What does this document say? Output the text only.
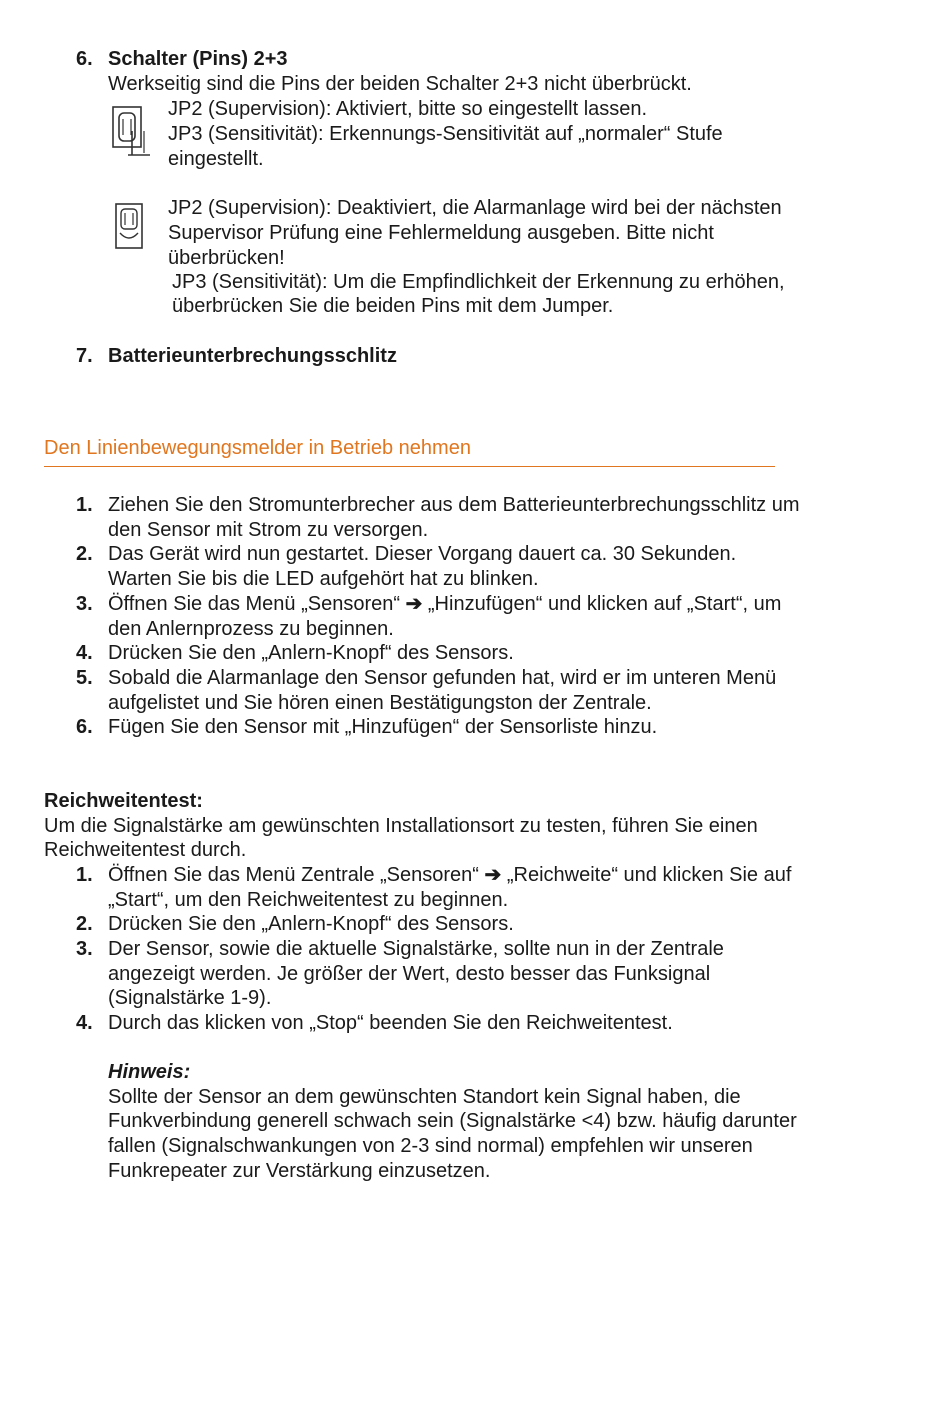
6. Schalter (Pins) 2+3
Werkseitig sind die Pins der beiden Schalter 2+3 nicht überbrückt.
JP2 (Supervision): Aktiviert, bitte so eingestellt lassen.
JP3 (Sensitivität): Erkennungs-Sensitivität auf „normaler“ Stufe
eingestellt.
JP2 (Supervision): Deaktiviert, die Alarmanlage wird bei der nächsten
Supervisor Prüfung eine Fehlermeldung ausgeben. Bitte nicht
überbrücken!
JP3 (Sensitivität): Um die Empfindlichkeit der Erkennung zu erhöhen,
überbrücken Sie die beiden Pins mit dem Jumper.
7. Batterieunterbrechungsschlitz
Den Linienbewegungsmelder in Betrieb nehmen
1. Ziehen Sie den Stromunterbrecher aus dem Batterieunterbrechungsschlitz um
den Sensor mit Strom zu versorgen.
2. Das Gerät wird nun gestartet. Dieser Vorgang dauert ca. 30 Sekunden.
Warten Sie bis die LED aufgehört hat zu blinken.
3. Öffnen Sie das Menü „Sensoren“ ➔ „Hinzufügen“ und klicken auf „Start“, um
den Anlernprozess zu beginnen.
4. Drücken Sie den „Anlern-Knopf“ des Sensors.
5. Sobald die Alarmanlage den Sensor gefunden hat, wird er im unteren Menü
aufgelistet und Sie hören einen Bestätigungston der Zentrale.
6. Fügen Sie den Sensor mit „Hinzufügen“ der Sensorliste hinzu.
Reichweitentest:
Um die Signalstärke am gewünschten Installationsort zu testen, führen Sie einen
Reichweitentest durch.
1. Öffnen Sie das Menü Zentrale „Sensoren“ ➔ „Reichweite“ und klicken Sie auf
„Start“, um den Reichweitentest zu beginnen.
2. Drücken Sie den „Anlern-Knopf“ des Sensors.
3. Der Sensor, sowie die aktuelle Signalstärke, sollte nun in der Zentrale
angezeigt werden. Je größer der Wert, desto besser das Funksignal
(Signalstärke 1-9).
4. Durch das klicken von „Stop“ beenden Sie den Reichweitentest.
Hinweis:
Sollte der Sensor an dem gewünschten Standort kein Signal haben, die
Funkverbindung generell schwach sein (Signalstärke <4) bzw. häufig darunter
fallen (Signalschwankungen von 2-3 sind normal) empfehlen wir unseren
Funkrepeater zur Verstärkung einzusetzen.
